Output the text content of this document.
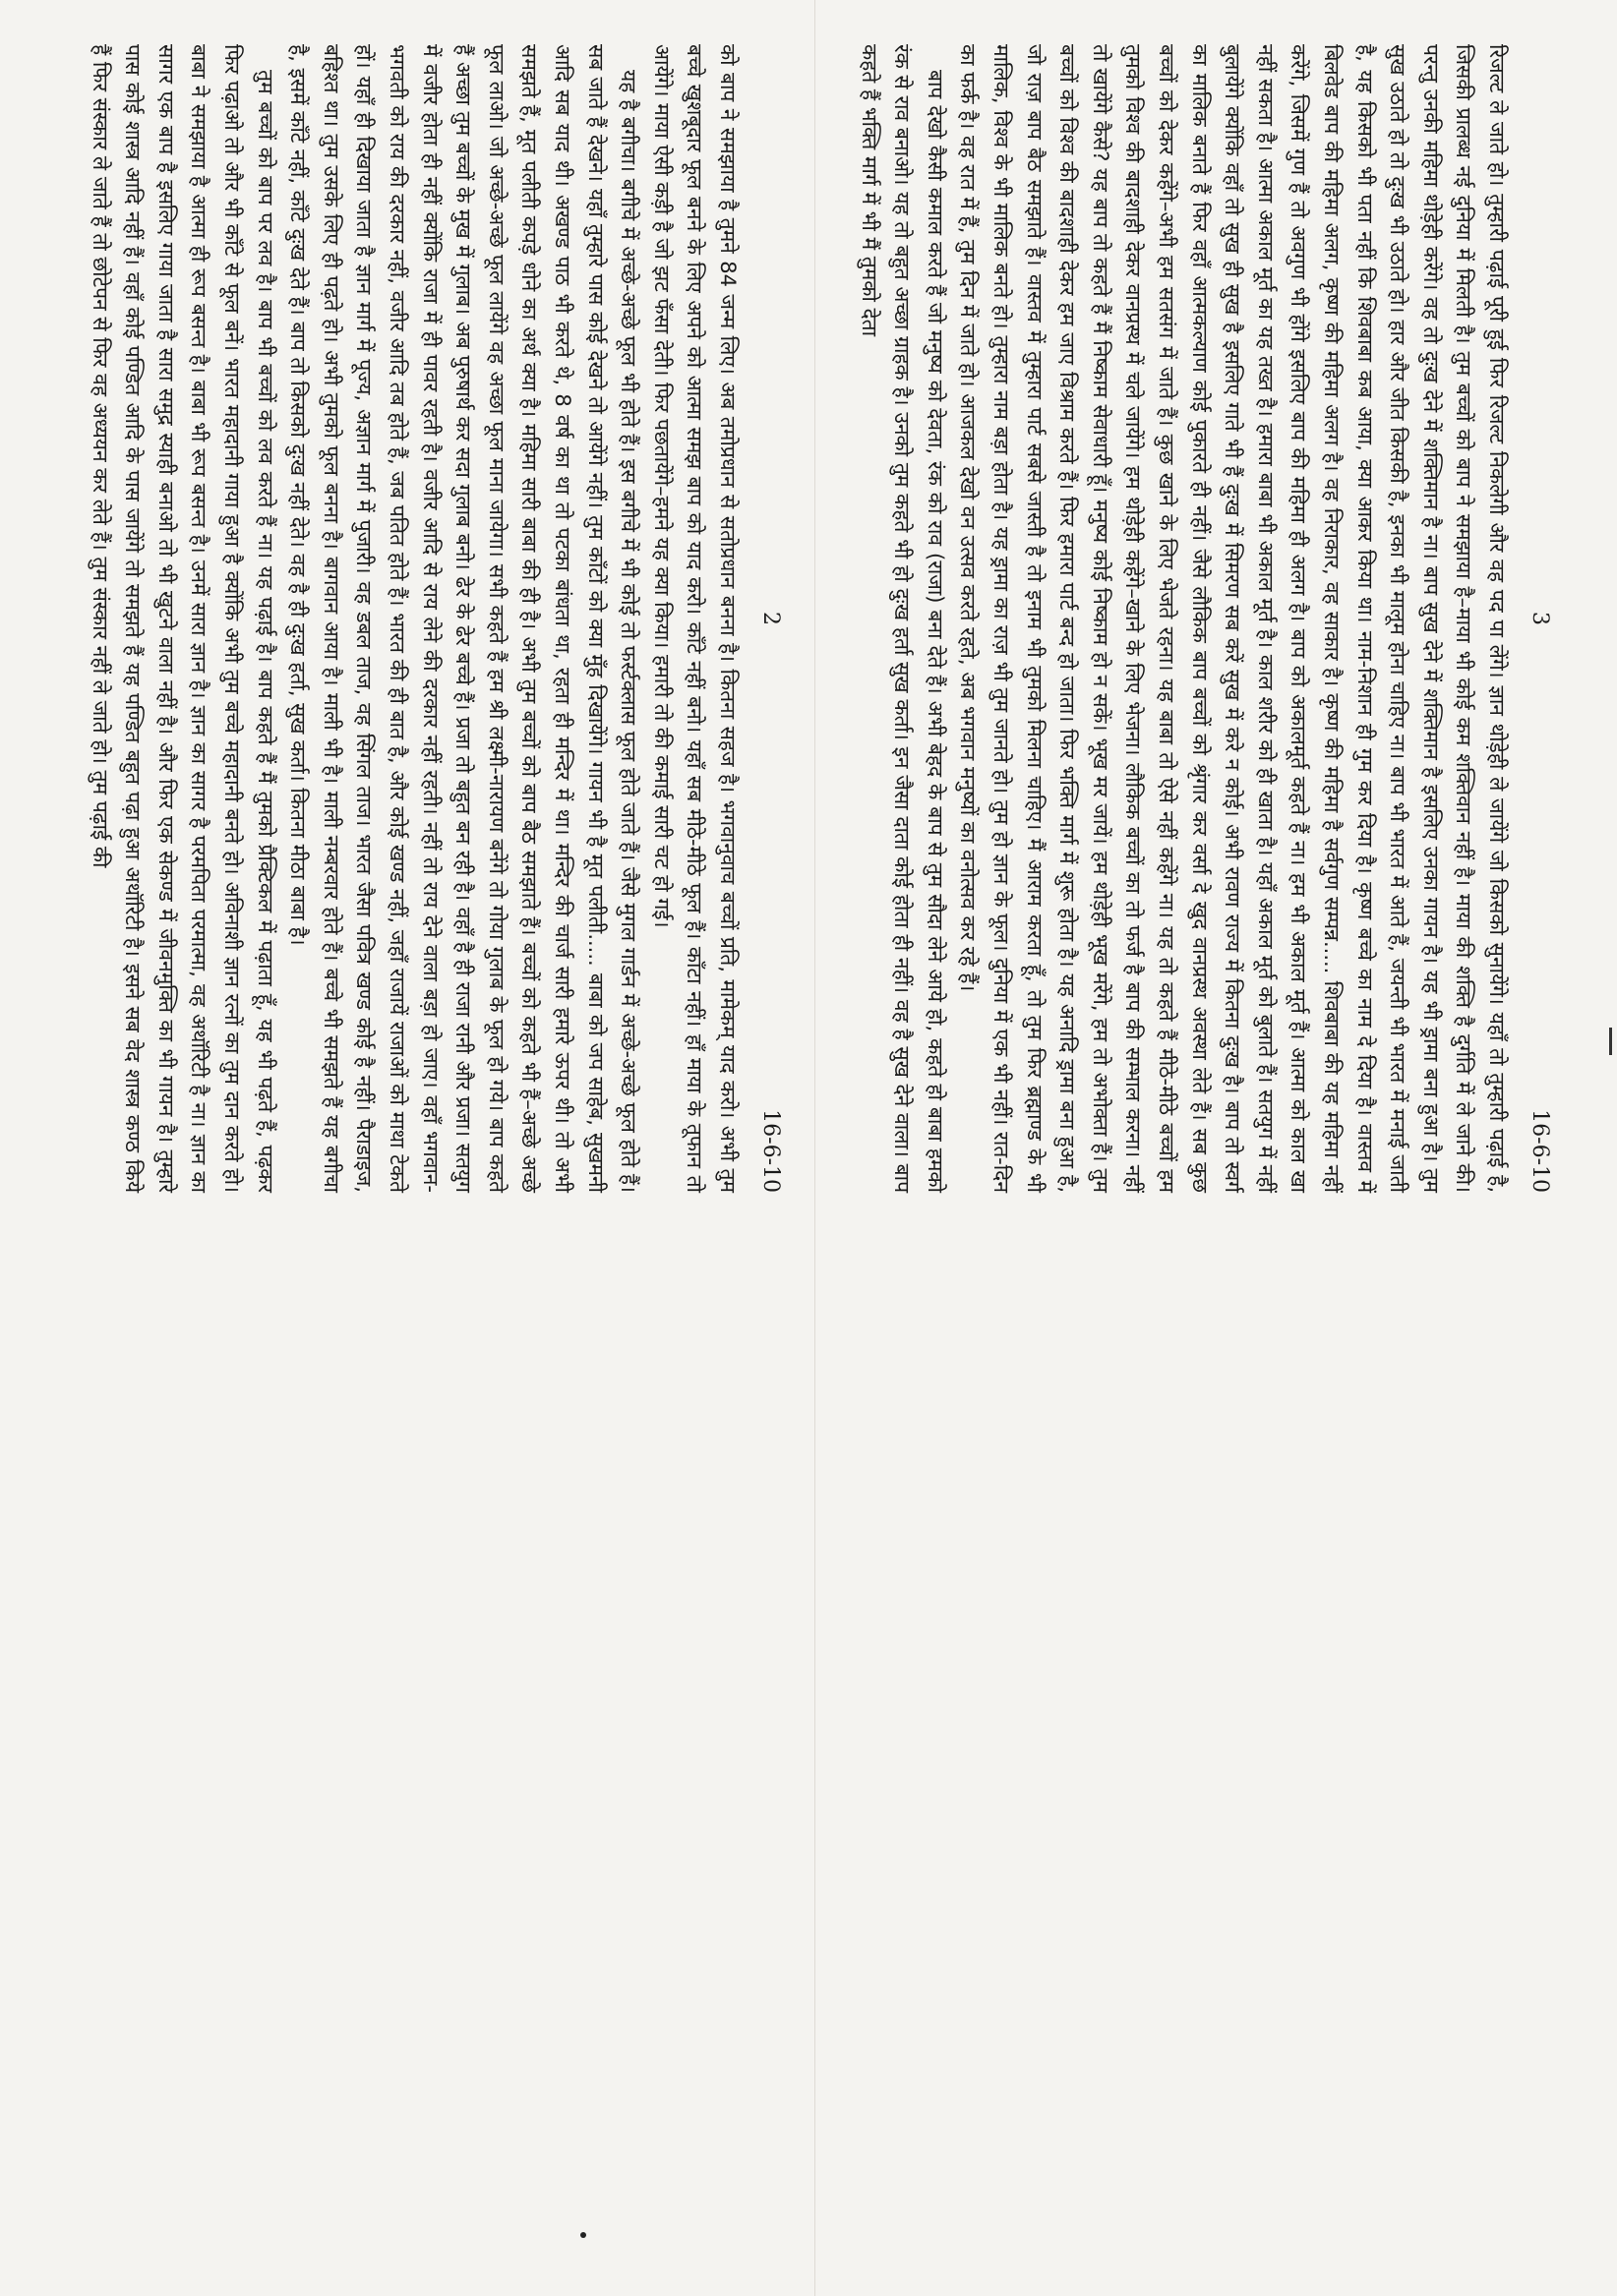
2
16-6-10

को बाप ने समझाया है तुमने 84 जन्म लिए। अब तमोप्रधान से सतोप्रधान बनना है। कितना सहज है। भगवानुवाच बच्चों प्रति, मामेकम् याद करो। अभी तुम बच्चे खुशबूदार फूल बनने के लिए अपने को आत्मा समझ बाप को याद करो। काँटे नहीं बनो। यहाँ सब मीठे-मीठे फूल हैं। काँटा नहीं। हाँ माया के तूफान तो आयेंगे। माया ऐसी कड़ी है जो झट फँसा देती। फिर पछतायेंगे–हमने यह क्या किया। हमारी तो की कमाई सारी चट हो गई।

यह है बगीचा। बगीचे में अच्छे-अच्छे फूल भी होते हैं। इस बगीचे में भी कोई तो फर्स्टक्लास फूल होते जाते हैं। जैसे मुगल गार्डन में अच्छे-अच्छे फूल होते हैं। सब जाते हैं देखने। यहाँ तुम्हारे पास कोई देखने तो आयेंगे नहीं। तुम काँटों को क्या मुँह दिखायेंगे। गायन भी है मूत पलीती..... बाबा को जप साहेब, सुखमनी आदि सब याद थी। अखण्ड पाठ भी करते थे, 8 वर्ष का था तो पटका बांधता था, रहता ही मन्दिर में था। मन्दिर की चार्ज सारी हमारे ऊपर थी। तो अभी समझते हैं, मूत पलीती कपड़े धोने का अर्थ क्या है। महिमा सारी बाबा की ही है। अभी तुम बच्चों को बाप बैठ समझाते हैं। बच्चों को कहते भी हैं–अच्छे अच्छे फूल लाओ। जो अच्छे-अच्छे फूल लायेंगे वह अच्छा फूल माना जायेगा। सभी कहते हैं हम श्री लक्ष्मी-नारायण बनेंगे तो गोया गुलाब के फूल हो गये। बाप कहते हैं अच्छा तुम बच्चों के मुख में गुलाब। अब पुरुषार्थ कर सदा गुलाब बनो। ढेर के ढेर बच्चे हैं। प्रजा तो बहुत बन रही है। वहाँ है ही राजा रानी और प्रजा। सतयुग में वजीर होता ही नहीं क्योंकि राजा में ही पावर रहती है। वजीर आदि से राय लेने की दरकार नहीं रहती। नहीं तो राय देने वाला बड़ा हो जाए। वहाँ भगवान-भगवती को राय की दरकार नहीं, वजीर आदि तब होते हैं, जब पतित होते हैं। भारत की ही बात है, और कोई खण्ड नहीं, जहाँ राजायें राजाओं को माथा टेकते हों। यहाँ ही दिखाया जाता है ज्ञान मार्ग में पूज्य, अज्ञान मार्ग में पुजारी। वह डबल ताज, वह सिंगल ताज। भारत जैसा पवित्र खण्ड कोई है नहीं। पैराडाइज, बहिश्त था। तुम उसके लिए ही पढ़ते हो। अभी तुमको फूल बनना है। बागवान आया है। माली भी है। माली नम्बरवार होते हैं। बच्चे भी समझते हैं यह बगीचा है, इसमें काँटे नहीं, काँटे दुःख देते हैं। बाप तो किसको दुःख नहीं देते। वह है ही दुःख हर्ता, सुख कर्ता। कितना मीठा बाबा है।

तुम बच्चों को बाप पर लव है। बाप भी बच्चों को लव करते हैं ना। यह पढ़ाई है। बाप कहते हैं मैं तुमको प्रैक्टिकल में पढ़ाता हूँ, यह भी पढ़ते हैं, पढ़कर फिर पढ़ाओ तो और भी काँटे से फूल बनें। भारत महादानी गाया हुआ है क्योंकि अभी तुम बच्चे महादानी बनते हो। अविनाशी ज्ञान रत्नों का तुम दान करते हो। बाबा ने समझाया है आत्मा ही रूप बसन्त है। बाबा भी रूप बसन्त है। उनमें सारा ज्ञान है। ज्ञान का सागर है परमपिता परमात्मा, वह अथॉरिटी है ना। ज्ञान का सागर एक बाप है इसलिए गाया जाता है सारा समुद्र स्याही बनाओ तो भी खुटने वाला नहीं है। और फिर एक सेकण्ड में जीवनमुक्ति का भी गायन है। तुम्हारे पास कोई शास्त्र आदि नहीं हैं। वहाँ कोई पण्डित आदि के पास जायेंगे तो समझते हैं यह पण्डित बहुत पढ़ा हुआ अथॉरिटी है। इसने सब वेद शास्त्र कण्ठ किये हैं फिर संस्कार ले जाते हैं तो छोटेपन से फिर वह अध्ययन कर लेते हैं। तुम संस्कार नहीं ले जाते हो। तुम पढ़ाई की	3
16-6-10

रिजल्ट ले जाते हो। तुम्हारी पढ़ाई पूरी हुई फिर रिजल्ट निकलेगी और वह पद पा लेंगे। ज्ञान थोड़ेही ले जायेंगे जो किसको सुनायेंगे। यहाँ तो तुम्हारी पढ़ाई है, जिसकी प्रालब्ध नई दुनिया में मिलती है। तुम बच्चों को बाप ने समझाया है–माया भी कोई कम शक्तिवान नहीं है। माया की शक्ति है दुर्गति में ले जाने की। परन्तु उनकी महिमा थोड़ेही करेंगे। वह तो दुःख देने में शक्तिमान है ना। बाप सुख देने में शक्तिमान है इसलिए उनका गायन है। यह भी ड्रामा बना हुआ है। तुम सुख उठाते हो तो दुःख भी उठाते हो। हार और जीत किसकी है, इनका भी मालूम होना चाहिए ना। बाप भी भारत में आते हैं, जयन्ती भी भारत में मनाई जाती है, यह किसको भी पता नहीं कि शिवबाबा कब आया, क्या आकर किया था। नाम-निशान ही गुम कर दिया है। कृष्ण बच्चे का नाम दे दिया है। वास्तव में बिलवेड बाप की महिमा अलग, कृष्ण की महिमा अलग है। वह निराकार, वह साकार है। कृष्ण की महिमा है सर्वगुण सम्पन्न..... शिवबाबा की यह महिमा नहीं करेंगे, जिसमें गुण हैं तो अवगुण भी होंगे इसलिए बाप की महिमा ही अलग है। बाप को अकालमूर्त कहते हैं ना। हम भी अकाल मूर्त हैं। आत्मा को काल खा नहीं सकता है। आत्मा अकाल मूर्त का यह तख्त है। हमारा बाबा भी अकाल मूर्त है। काल शरीर को ही खाता है। यहाँ अकाल मूर्त को बुलाते हैं। सतयुग में नहीं बुलायेंगे क्योंकि वहाँ तो सुख ही सुख है इसलिए गाते भी हैं दुःख में सिमरण सब करें सुख में करे न कोई। अभी रावण राज्य में कितना दुःख है। बाप तो स्वर्ग का मालिक बनाते हैं फिर वहाँ आत्मकल्याण कोई पुकारते ही नहीं। जैसे लौकिक बाप बच्चों को श्रृंगार कर वर्सा दे खुद वानप्रस्थ अवस्था लेते हैं। सब कुछ बच्चों को देकर कहेंगे–अभी हम सतसंग में जाते हैं। कुछ खाने के लिए भेजते रहना। यह बाबा तो ऐसे नहीं कहेंगे ना। यह तो कहते हैं मीठे-मीठे बच्चों हम तुमको विश्व की बादशाही देकर वानप्रस्थ में चले जायेंगे। हम थोड़ेही कहेंगे–खाने के लिए भेजना। लौकिक बच्चों का तो फर्ज है बाप की सम्भाल करना। नहीं तो खायेंगे कैसे? यह बाप तो कहते हैं मैं निष्काम सेवाधारी हूँ। मनुष्य कोई निष्काम हो न सकें। भूख मर जायें। हम थोड़ेही भूख मरेंगे, हम तो अभोक्ता हैं। तुम बच्चों को विश्व की बादशाही देकर हम जाए विश्राम करते हैं। फिर हमारा पार्ट बन्द हो जाता। फिर भक्ति मार्ग में शुरू होता है। यह अनादि ड्रामा बना हुआ है, जो राज़ बाप बैठ समझाते हैं। वास्तव में तुम्हारा पार्ट सबसे जास्ती है तो इनाम भी तुमको मिलना चाहिए। मैं आराम करता हूँ, तो तुम फिर ब्रह्माण्ड के भी मालिक, विश्व के भी मालिक बनते हो। तुम्हारा नाम बड़ा होता है। यह ड्रामा का राज़ भी तुम जानते हो। तुम हो ज्ञान के फूल। दुनिया में एक भी नहीं। रात-दिन का फर्क है। वह रात में हैं, तुम दिन में जाते हो। आजकल देखो वन उत्सव करते रहते, अब भगवान मनुष्यों का वनोत्सव कर रहे हैं।

बाप देखो कैसी कमाल करते हैं जो मनुष्य को देवता, रंक को राव (राजा) बना देते हैं। अभी बेहद के बाप से तुम सौदा लेने आये हो, कहते हो बाबा हमको रंक से राव बनाओ। यह तो बहुत अच्छा ग्राहक है। उनको तुम कहते भी हो दुःख हर्ता सुख कर्ता। इन जैसा दाता कोई होता ही नहीं। वह है सुख देने वाला। बाप कहते हैं भक्ति मार्ग में भी मैं तुमको देता
